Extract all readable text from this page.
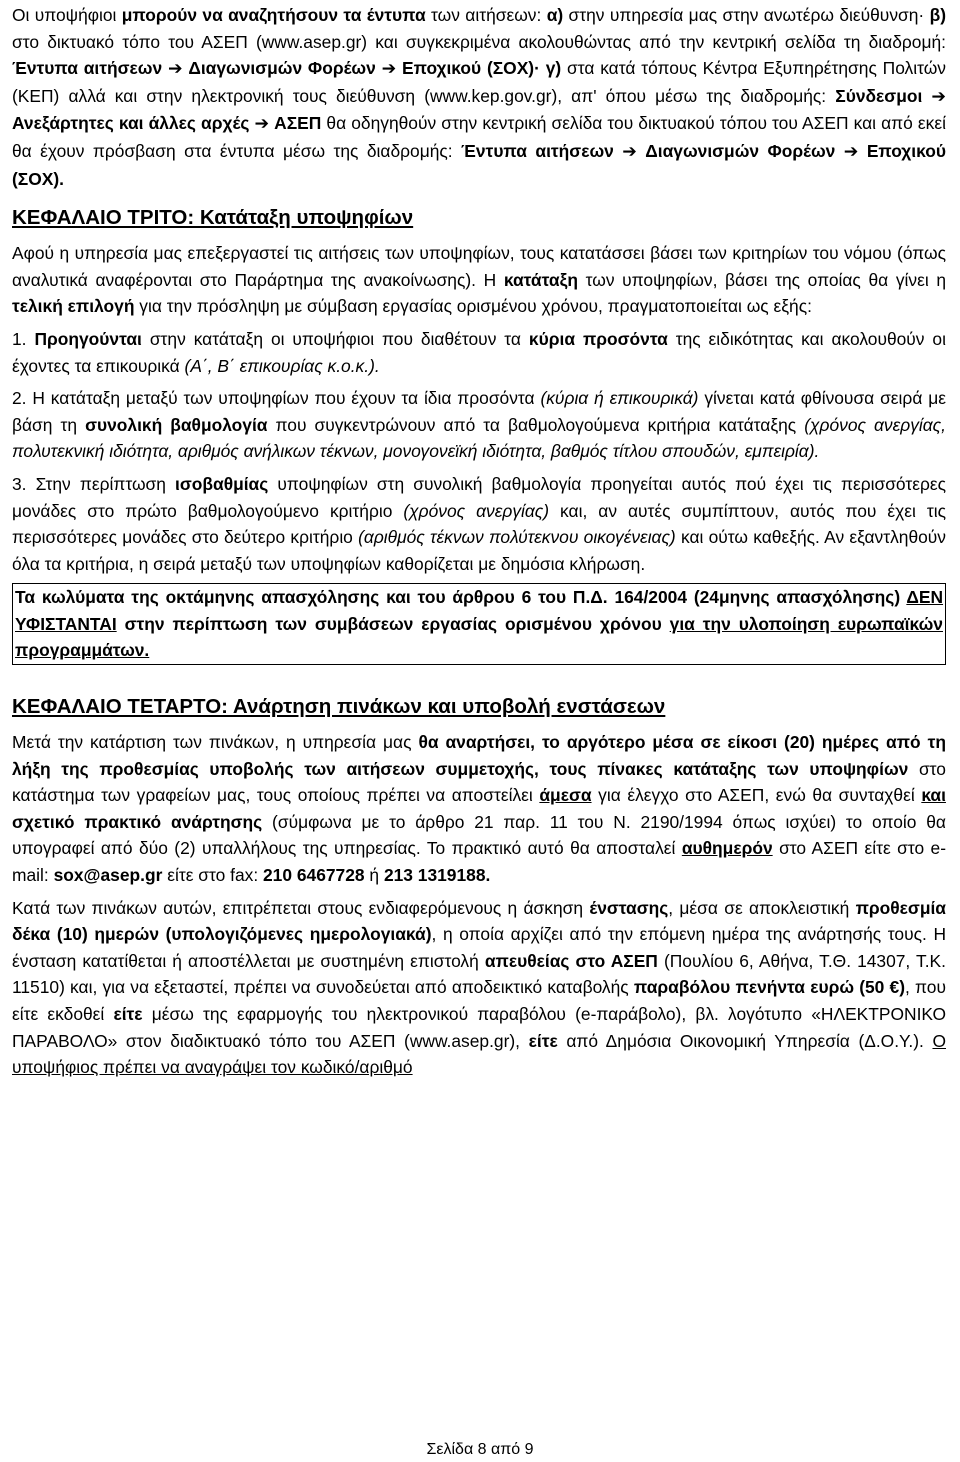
Οι υποψήφιοι μπορούν να αναζητήσουν τα έντυπα των αιτήσεων: α) στην υπηρεσία μας στην ανωτέρω διεύθυνση· β) στο δικτυακό τόπο του ΑΣΕΠ (www.asep.gr) και συγκεκριμένα ακολουθώντας από την κεντρική σελίδα τη διαδρομή: Έντυπα αιτήσεων ➔ Διαγωνισμών Φορέων ➔ Εποχικού (ΣΟΧ)· γ) στα κατά τόπους Κέντρα Εξυπηρέτησης Πολιτών (ΚΕΠ) αλλά και στην ηλεκτρονική τους διεύθυνση (www.kep.gov.gr), απ' όπου μέσω της διαδρομής: Σύνδεσμοι ➔ Ανεξάρτητες και άλλες αρχές ➔ ΑΣΕΠ θα οδηγηθούν στην κεντρική σελίδα του δικτυακού τόπου του ΑΣΕΠ και από εκεί θα έχουν πρόσβαση στα έντυπα μέσω της διαδρομής: Έντυπα αιτήσεων ➔ Διαγωνισμών Φορέων ➔ Εποχικού (ΣΟΧ).

ΚΕΦΑΛΑΙΟ ΤΡΙΤΟ: Κατάταξη υποψηφίων

Αφού η υπηρεσία μας επεξεργαστεί τις αιτήσεις των υποψηφίων, τους κατατάσσει βάσει των κριτηρίων του νόμου (όπως αναλυτικά αναφέρονται στο Παράρτημα της ανακοίνωσης). Η κατάταξη των υποψηφίων, βάσει της οποίας θα γίνει η τελική επιλογή για την πρόσληψη με σύμβαση εργασίας ορισμένου χρόνου, πραγματοποιείται ως εξής:

1. Προηγούνται στην κατάταξη οι υποψήφιοι που διαθέτουν τα κύρια προσόντα της ειδικότητας και ακολουθούν οι έχοντες τα επικουρικά (Α΄, Β΄ επικουρίας κ.ο.κ.).

2. Η κατάταξη μεταξύ των υποψηφίων που έχουν τα ίδια προσόντα (κύρια ή επικουρικά) γίνεται κατά φθίνουσα σειρά με βάση τη συνολική βαθμολογία που συγκεντρώνουν από τα βαθμολογούμενα κριτήρια κατάταξης (χρόνος ανεργίας, πολυτεκνική ιδιότητα, αριθμός ανήλικων τέκνων, μονογονεϊκή ιδιότητα, βαθμός τίτλου σπουδών, εμπειρία).

3. Στην περίπτωση ισοβαθμίας υποψηφίων στη συνολική βαθμολογία προηγείται αυτός πού έχει τις περισσότερες μονάδες στο πρώτο βαθμολογούμενο κριτήριο (χρόνος ανεργίας) και, αν αυτές συμπίπτουν, αυτός που έχει τις περισσότερες μονάδες στο δεύτερο κριτήριο (αριθμός τέκνων πολύτεκνου οικογένειας) και ούτω καθεξής. Αν εξαντληθούν όλα τα κριτήρια, η σειρά μεταξύ των υποψηφίων καθορίζεται με δημόσια κλήρωση.

Τα κωλύματα της οκτάμηνης απασχόλησης και του άρθρου 6 του Π.Δ. 164/2004 (24μηνης απασχόλησης) ΔΕΝ ΥΦΙΣΤΑΝΤΑΙ στην περίπτωση των συμβάσεων εργασίας ορισμένου χρόνου για την υλοποίηση ευρωπαϊκών προγραμμάτων.

ΚΕΦΑΛΑΙΟ ΤΕΤΑΡΤΟ: Ανάρτηση πινάκων και υποβολή ενστάσεων

Μετά την κατάρτιση των πινάκων, η υπηρεσία μας θα αναρτήσει, το αργότερο μέσα σε είκοσι (20) ημέρες από τη λήξη της προθεσμίας υποβολής των αιτήσεων συμμετοχής, τους πίνακες κατάταξης των υποψηφίων στο κατάστημα των γραφείων μας, τους οποίους πρέπει να αποστείλει άμεσα για έλεγχο στο ΑΣΕΠ, ενώ θα συνταχθεί και σχετικό πρακτικό ανάρτησης (σύμφωνα με το άρθρο 21 παρ. 11 του Ν. 2190/1994 όπως ισχύει) το οποίο θα υπογραφεί από δύο (2) υπαλλήλους της υπηρεσίας. Το πρακτικό αυτό θα αποσταλεί αυθημερόν στο ΑΣΕΠ είτε στο e-mail: sox@asep.gr είτε στο fax: 210 6467728 ή 213 1319188.

Κατά των πινάκων αυτών, επιτρέπεται στους ενδιαφερόμενους η άσκηση ένστασης, μέσα σε αποκλειστική προθεσμία δέκα (10) ημερών (υπολογιζόμενες ημερολογιακά), η οποία αρχίζει από την επόμενη ημέρα της ανάρτησής τους. Η ένσταση κατατίθεται ή αποστέλλεται με συστημένη επιστολή απευθείας στο ΑΣΕΠ (Πουλίου 6, Αθήνα, Τ.Θ. 14307, Τ.Κ. 11510) και, για να εξεταστεί, πρέπει να συνοδεύεται από αποδεικτικό καταβολής παραβόλου πενήντα ευρώ (50 €), που είτε εκδοθεί είτε μέσω της εφαρμογής του ηλεκτρονικού παραβόλου (e-παράβολο), βλ. λογότυπο «ΗΛΕΚΤΡΟΝΙΚΟ ΠΑΡΑΒΟΛΟ» στον διαδικτυακό τόπο του ΑΣΕΠ (www.asep.gr), είτε από Δημόσια Οικονομική Υπηρεσία (Δ.Ο.Υ.). Ο υποψήφιος πρέπει να αναγράψει τον κωδικό/αριθμό

Σελίδα 8 από 9
